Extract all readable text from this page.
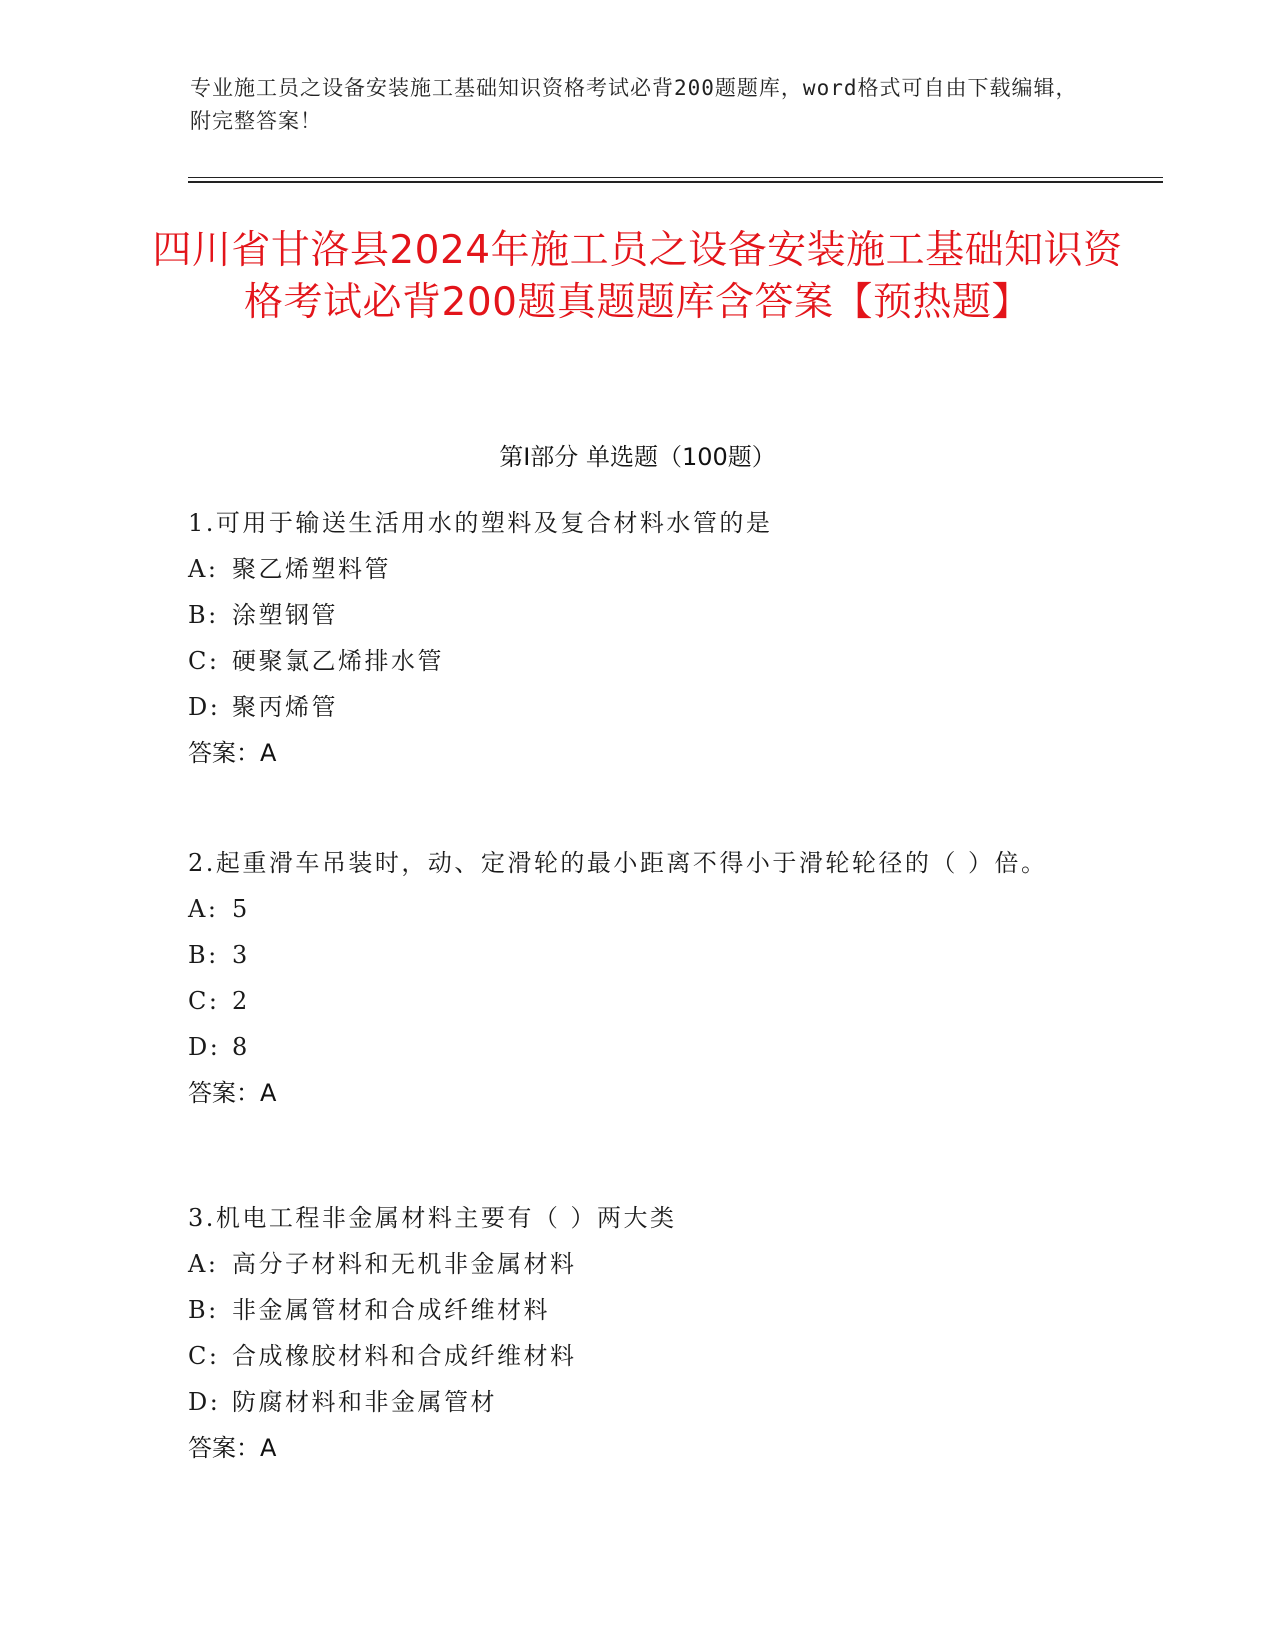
专业施工员之设备安装施工基础知识资格考试必背200题题库，word格式可自由下载编辑，附完整答案！
四川省甘洛县2024年施工员之设备安装施工基础知识资格考试必背200题真题题库含答案【预热题】
第I部分 单选题（100题）
1.可用于输送生活用水的塑料及复合材料水管的是
A: 聚乙烯塑料管
B: 涂塑钢管
C: 硬聚氯乙烯排水管
D: 聚丙烯管
答案：A
2.起重滑车吊装时，动、定滑轮的最小距离不得小于滑轮轮径的（ ）倍。
A: 5
B: 3
C: 2
D: 8
答案：A
3.机电工程非金属材料主要有（ ）两大类
A: 高分子材料和无机非金属材料
B: 非金属管材和合成纤维材料
C: 合成橡胶材料和合成纤维材料
D: 防腐材料和非金属管材
答案：A
